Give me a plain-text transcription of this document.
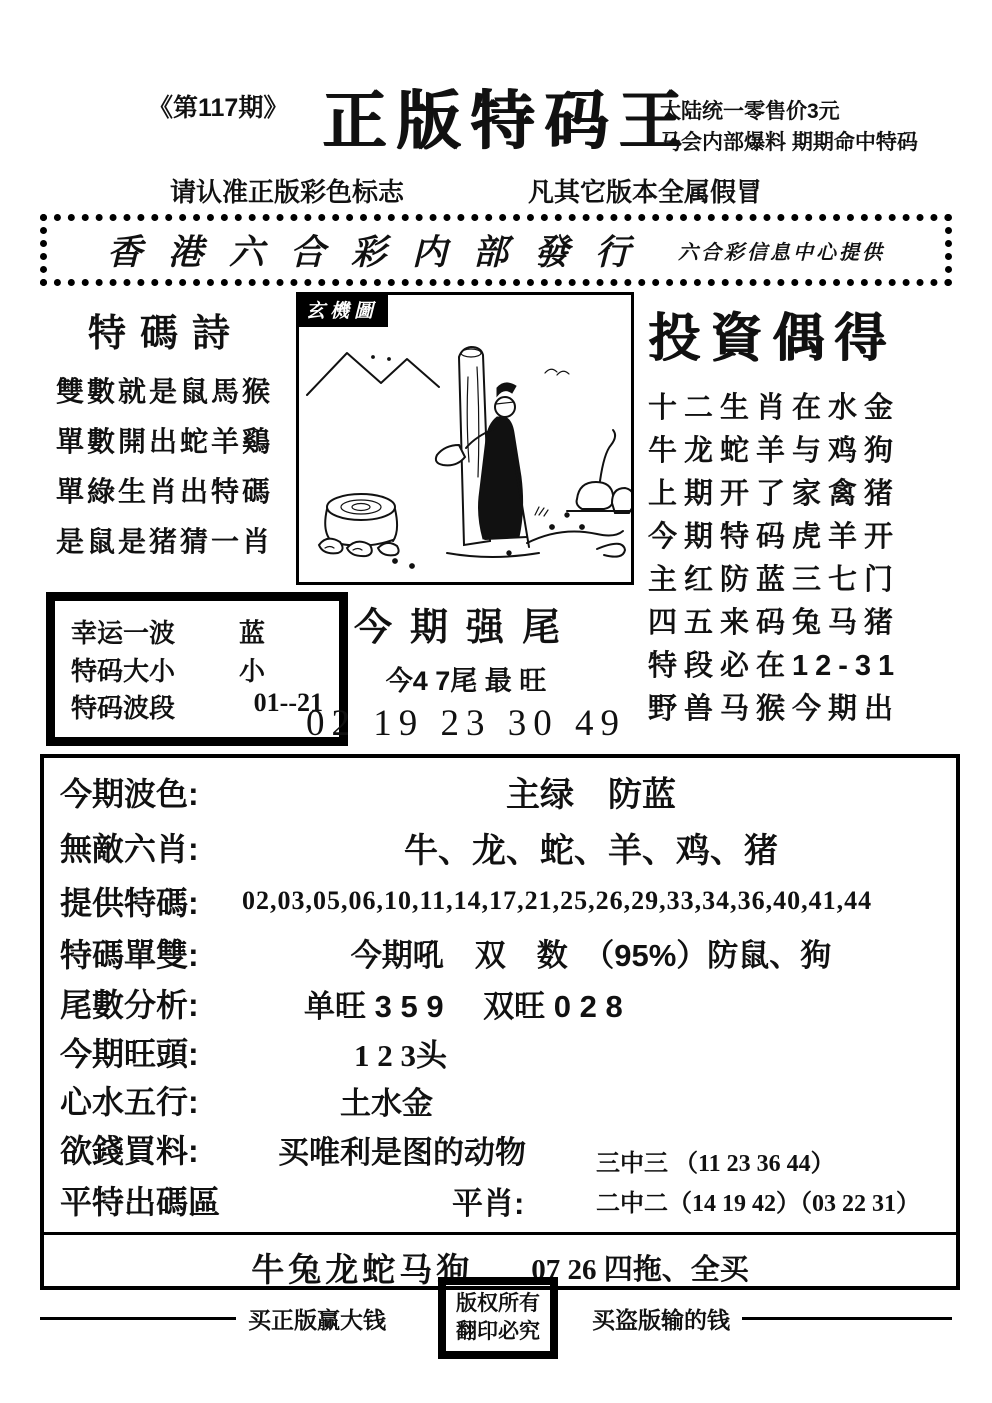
《第117期》 正版特码王
大陆统一零售价3元
马会内部爆料 期期命中特码
请认准正版彩色标志	凡其它版本全属假冒
香港六合彩内部發行 六合彩信息中心提供
特碼詩
雙數就是鼠馬猴
單數開出蛇羊鷄
單綠生肖出特碼
是鼠是猪猜一肖
幸运一波 蓝
特码大小 小
特码波段	01--21
玄機圖
今期强尾
今4 7尾 最 旺
02 19 23 30 49
投資偶得
十二生肖在水金
牛龙蛇羊与鸡狗
上期开了家禽猪
今期特码虎羊开
主红防蓝三七门
四五来码兔马猪
特段必在12-31
野兽马猴今期出
今期波色:	主绿　防蓝
無敵六肖:	牛、龙、蛇、羊、鸡、猪
提供特碼:	02,03,05,06,10,11,14,17,21,25,26,29,33,34,36,40,41,44
特碼單雙:	今期吼　双　数　（95%）防鼠、狗
尾數分析:	单旺 3 5 9 　双旺 0 2 8
今期旺頭:	1 2 3头
心水五行:	土水金
欲錢買料:	买唯利是图的动物
平特出碼區	平肖:
三中三 （11 23 36 44）
二中二（14 19 42）（03 22 31）
牛兔龙蛇马狗 07 26 四拖、全买
买正版赢大钱
版权所有
翻印必究 买盗版输的钱
